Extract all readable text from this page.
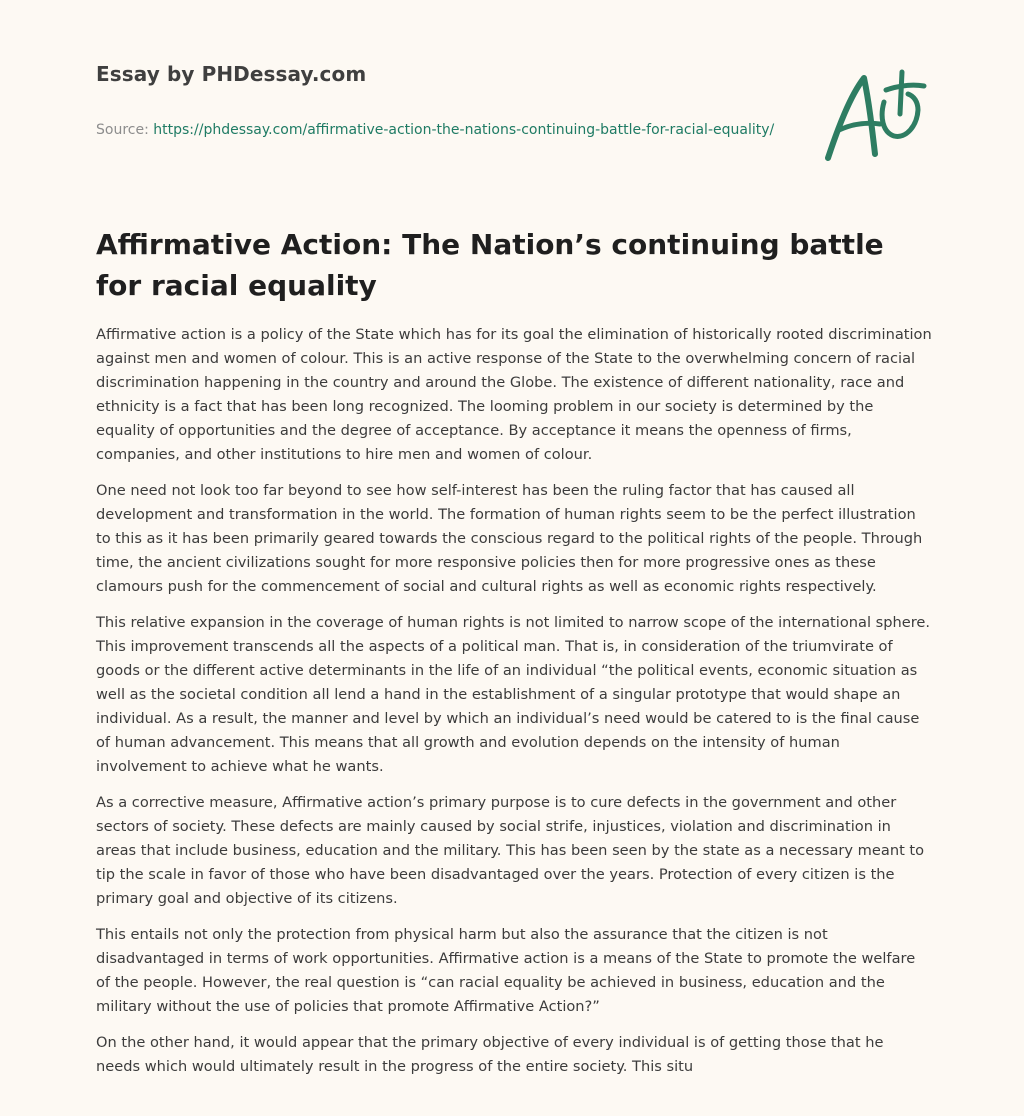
Essay by PHDessay.com
Source: https://phdessay.com/affirmative-action-the-nations-continuing-battle-for-racial-equality/
Affirmative Action: The Nation’s continuing battle for racial equality

Affirmative action is a policy of the State which has for its goal the elimination of historically rooted discrimination against men and women of colour. This is an active response of the State to the overwhelming concern of racial discrimination happening in the country and around the Globe. The existence of different nationality, race and ethnicity is a fact that has been long recognized. The looming problem in our society is determined by the equality of opportunities and the degree of acceptance. By acceptance it means the openness of firms, companies, and other institutions to hire men and women of colour.

One need not look too far beyond to see how self-interest has been the ruling factor that has caused all development and transformation in the world. The formation of human rights seem to be the perfect illustration to this as it has been primarily geared towards the conscious regard to the political rights of the people. Through time, the ancient civilizations sought for more responsive policies then for more progressive ones as these clamours push for the commencement of social and cultural rights as well as economic rights respectively.

This relative expansion in the coverage of human rights is not limited to narrow scope of the international sphere. This improvement transcends all the aspects of a political man. That is, in consideration of the triumvirate of goods or the different active determinants in the life of an individual “the political events, economic situation as well as the societal condition all lend a hand in the establishment of a singular prototype that would shape an individual. As a result, the manner and level by which an individual’s need would be catered to is the final cause of human advancement. This means that all growth and evolution depends on the intensity of human involvement to achieve what he wants.

As a corrective measure, Affirmative action’s primary purpose is to cure defects in the government and other sectors of society. These defects are mainly caused by social strife, injustices, violation and discrimination in areas that include business, education and the military. This has been seen by the state as a necessary meant to tip the scale in favor of those who have been disadvantaged over the years. Protection of every citizen is the primary goal and objective of its citizens.

This entails not only the protection from physical harm but also the assurance that the citizen is not disadvantaged in terms of work opportunities. Affirmative action is a means of the State to promote the welfare of the people. However, the real question is “can racial equality be achieved in business, education and the military without the use of policies that promote Affirmative Action?”

On the other hand, it would appear that the primary objective of every individual is of getting those that he needs which would ultimately result in the progress of the entire society. This situ
